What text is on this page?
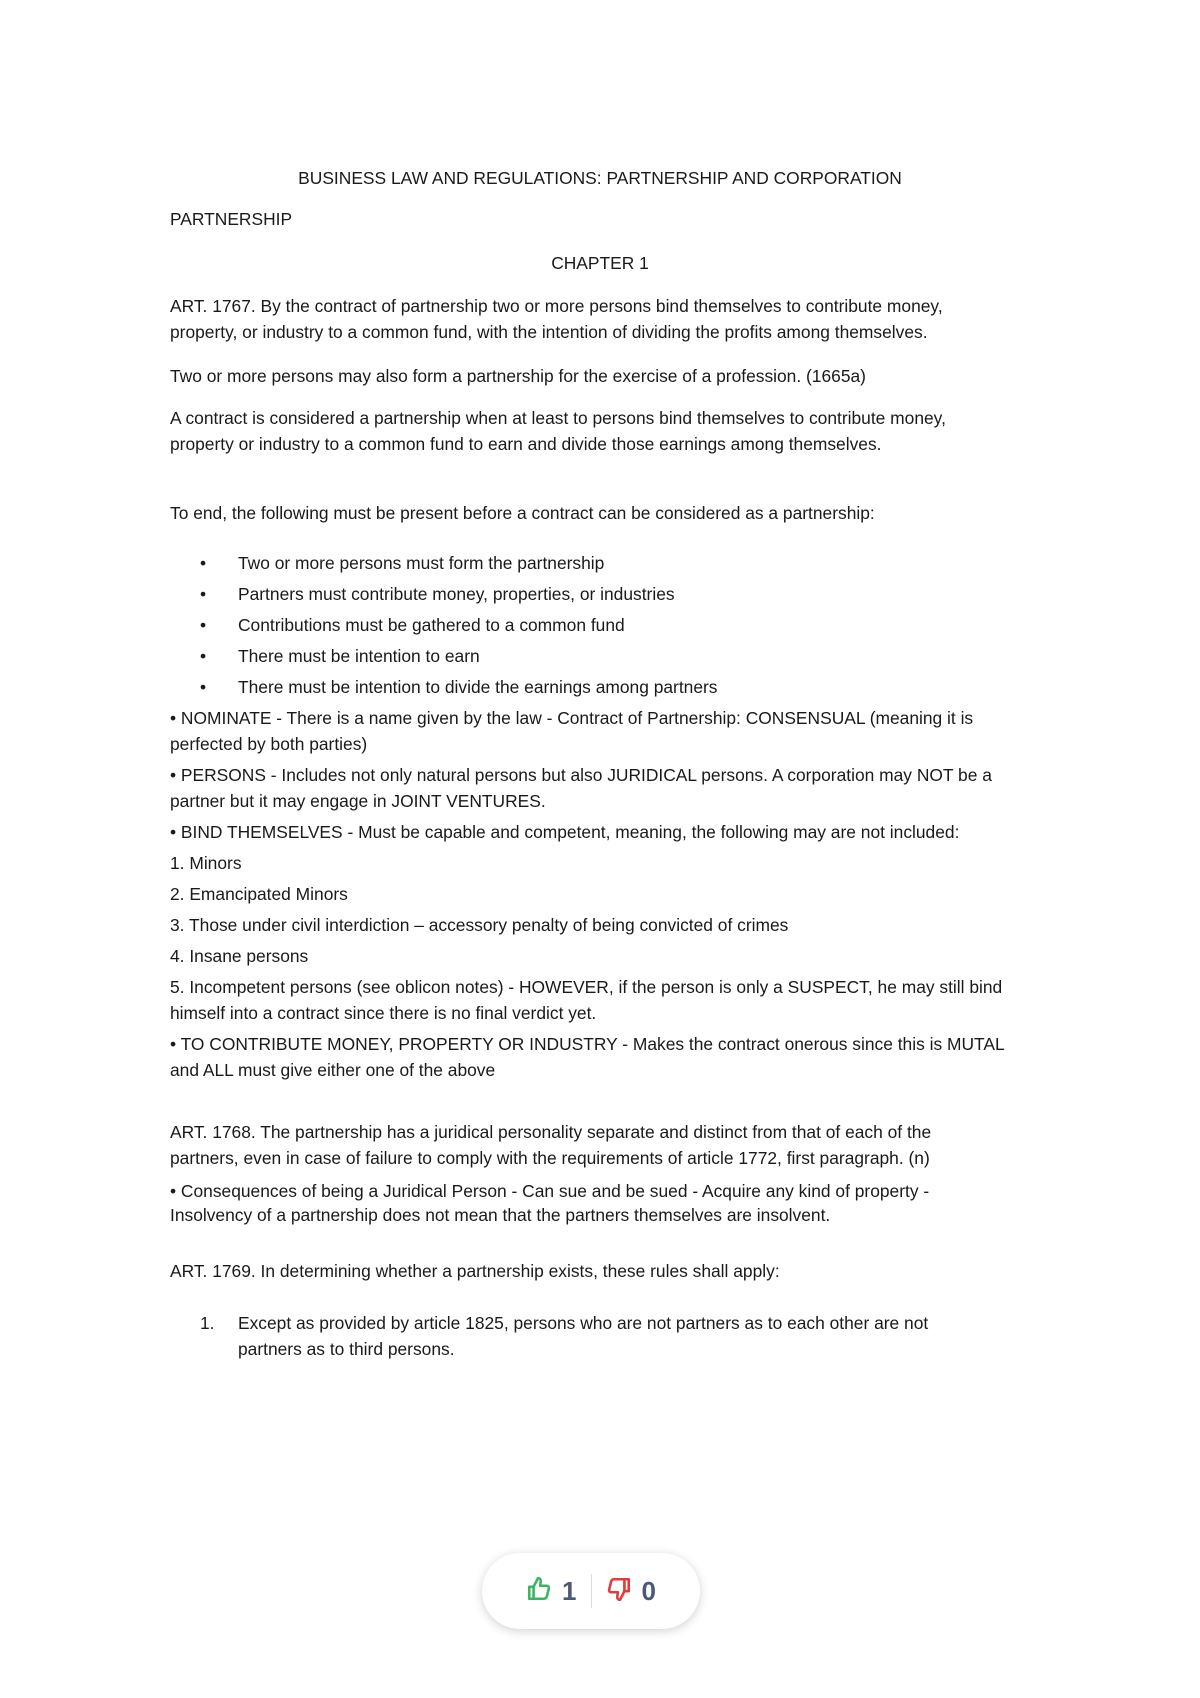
BUSINESS LAW AND REGULATIONS: PARTNERSHIP AND CORPORATION

PARTNERSHIP

CHAPTER 1

ART. 1767. By the contract of partnership two or more persons bind themselves to contribute money,

property, or industry to a common fund, with the intention of dividing the profits among themselves.

Two or more persons may also form a partnership for the exercise of a profession. (1665a)

A contract is considered a partnership when at least to persons bind themselves to contribute money,

property or industry to a common fund to earn and divide those earnings among themselves.

To end, the following must be present before a contract can be considered as a partnership:

• Two or more persons must form the partnership
• Partners must contribute money, properties, or industries
• Contributions must be gathered to a common fund
• There must be intention to earn
• There must be intention to divide the earnings among partners

• NOMINATE - There is a name given by the law - Contract of Partnership: CONSENSUAL (meaning it is

perfected by both parties)

• PERSONS - Includes not only natural persons but also JURIDICAL persons. A corporation may NOT be a

partner but it may engage in JOINT VENTURES.

• BIND THEMSELVES - Must be capable and competent, meaning, the following may are not included:

1. Minors

2. Emancipated Minors

3. Those under civil interdiction – accessory penalty of being convicted of crimes

4. Insane persons

5. Incompetent persons (see oblicon notes) - HOWEVER, if the person is only a SUSPECT, he may still bind

himself into a contract since there is no final verdict yet.

• TO CONTRIBUTE MONEY, PROPERTY OR INDUSTRY - Makes the contract onerous since this is MUTAL

and ALL must give either one of the above

ART. 1768. The partnership has a juridical personality separate and distinct from that of each of the

partners, even in case of failure to comply with the requirements of article 1772, first paragraph. (n)

• Consequences of being a Juridical Person - Can sue and be sued - Acquire any kind of property -

Insolvency of a partnership does not mean that the partners themselves are insolvent.

ART. 1769. In determining whether a partnership exists, these rules shall apply:

1. Except as provided by article 1825, persons who are not partners as to each other are not
partners as to third persons.
1	0
